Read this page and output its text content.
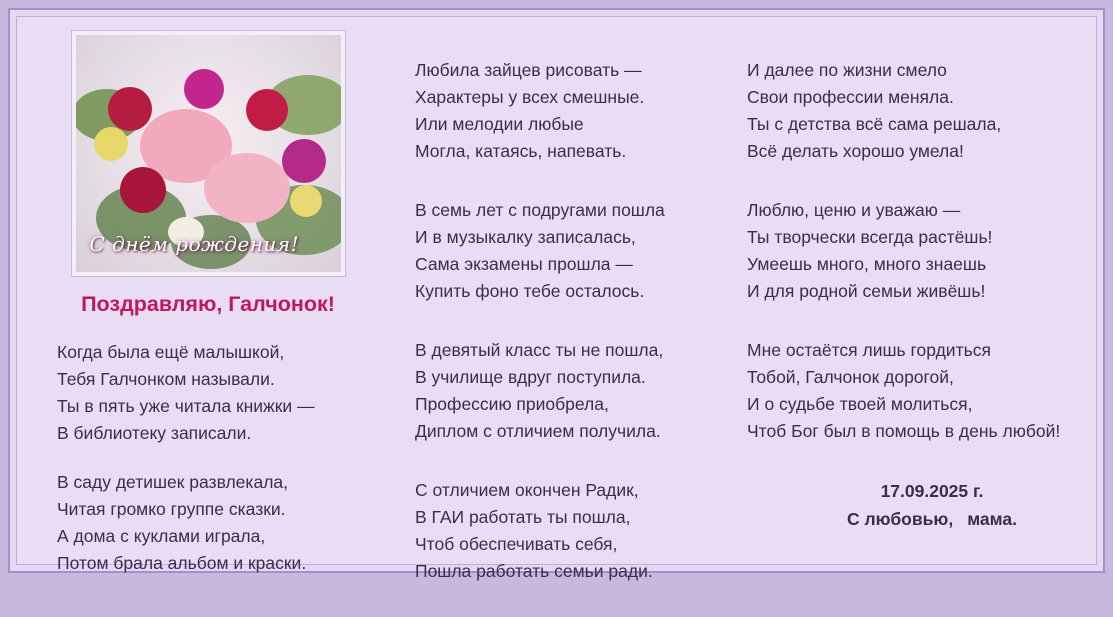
С днём рождения!
Поздравляю, Галчонок!
Когда была ещё малышкой,
Тебя Галчонком называли.
Ты в пять уже читала книжки —
В библиотеку записали.
В саду детишек развлекала,
Читая громко группе сказки.
А дома с куклами играла,
Потом брала альбом и краски.
Любила зайцев рисовать —
Характеры у всех смешные.
Или мелодии любые
Могла, катаясь, напевать.
В семь лет с подругами пошла
И в музыкалку записалась,
Сама экзамены прошла —
Купить фоно тебе осталось.
В девятый класс ты не пошла,
В училище вдруг поступила.
Профессию приобрела,
Диплом с отличием получила.
С отличием окончен Радик,
В ГАИ работать ты пошла,
Чтоб обеспечивать себя,
Пошла работать семьи ради.
И далее по жизни смело
Свои профессии меняла.
Ты с детства всё сама решала,
Всё делать хорошо умела!
Люблю, ценю и уважаю —
Ты творчески всегда растёшь!
Умеешь много, много знаешь
И для родной семьи живёшь!
Мне остаётся лишь гордиться
Тобой, Галчонок дорогой,
И о судьбе твоей молиться,
Чтоб Бог был в помощь в день любой!
17.09.2025 г.
С любовью, мама.
